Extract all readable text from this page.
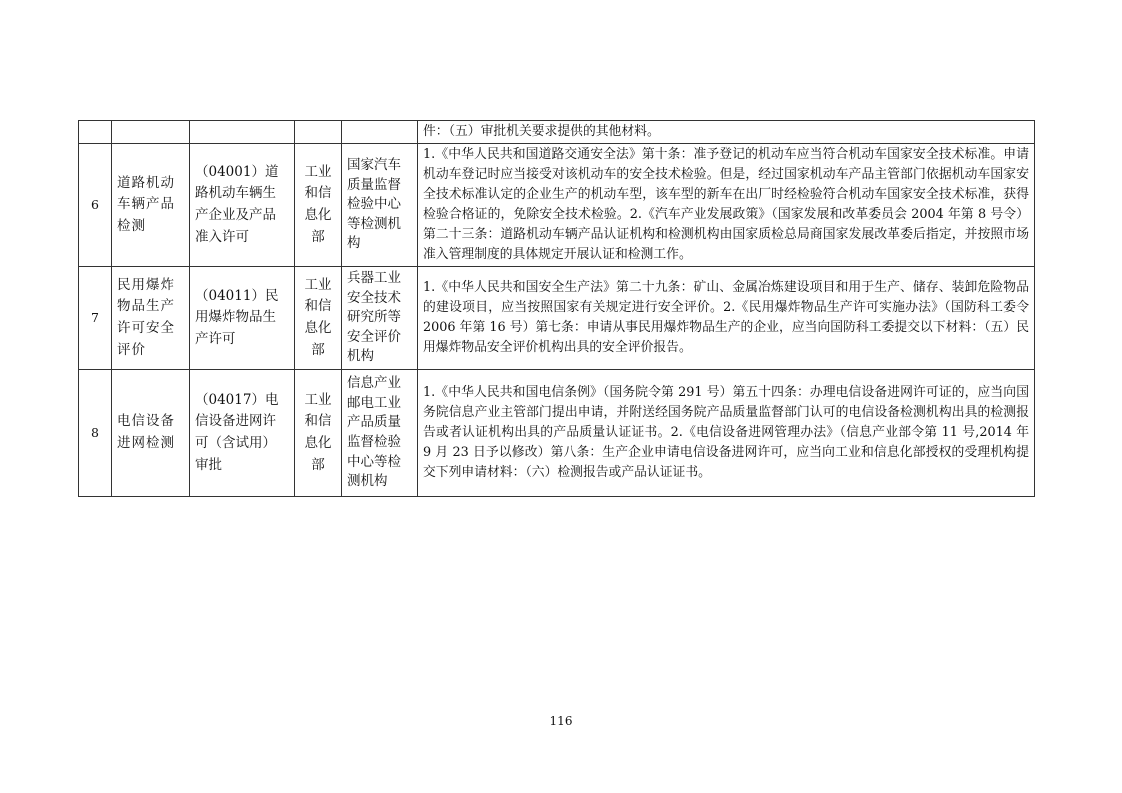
					件：（五）审批机关要求提供的其他材料。
6	道路机动车辆产品检测	（04001）道路机动车辆生产企业及产品准入许可	工业和信息化部	国家汽车质量监督检验中心等检测机构	1.《中华人民共和国道路交通安全法》第十条：准予登记的机动车应当符合机动车国家安全技术标准。申请机动车登记时应当接受对该机动车的安全技术检验。但是，经过国家机动车产品主管部门依据机动车国家安全技术标准认定的企业生产的机动车型，该车型的新车在出厂时经检验符合机动车国家安全技术标准，获得检验合格证的，免除安全技术检验。2.《汽车产业发展政策》（国家发展和改革委员会 2004 年第 8 号令）第二十三条：道路机动车辆产品认证机构和检测机构由国家质检总局商国家发展改革委后指定，并按照市场准入管理制度的具体规定开展认证和检测工作。
7	民用爆炸物品生产许可安全评价	（04011）民用爆炸物品生产许可	工业和信息化部	兵器工业安全技术研究所等安全评价机构	1.《中华人民共和国安全生产法》第二十九条：矿山、金属冶炼建设项目和用于生产、储存、装卸危险物品的建设项目，应当按照国家有关规定进行安全评价。2.《民用爆炸物品生产许可实施办法》（国防科工委令 2006 年第 16 号）第七条：申请从事民用爆炸物品生产的企业，应当向国防科工委提交以下材料：（五）民用爆炸物品安全评价机构出具的安全评价报告。
8	电信设备进网检测	（04017）电信设备进网许可（含试用）审批	工业和信息化部	信息产业邮电工业产品质量监督检验中心等检测机构	1.《中华人民共和国电信条例》（国务院令第 291 号）第五十四条：办理电信设备进网许可证的，应当向国务院信息产业主管部门提出申请，并附送经国务院产品质量监督部门认可的电信设备检测机构出具的检测报告或者认证机构出具的产品质量认证证书。2.《电信设备进网管理办法》（信息产业部令第 11 号,2014 年 9 月 23 日予以修改）第八条：生产企业申请电信设备进网许可，应当向工业和信息化部授权的受理机构提交下列申请材料：（六）检测报告或产品认证证书。
116
